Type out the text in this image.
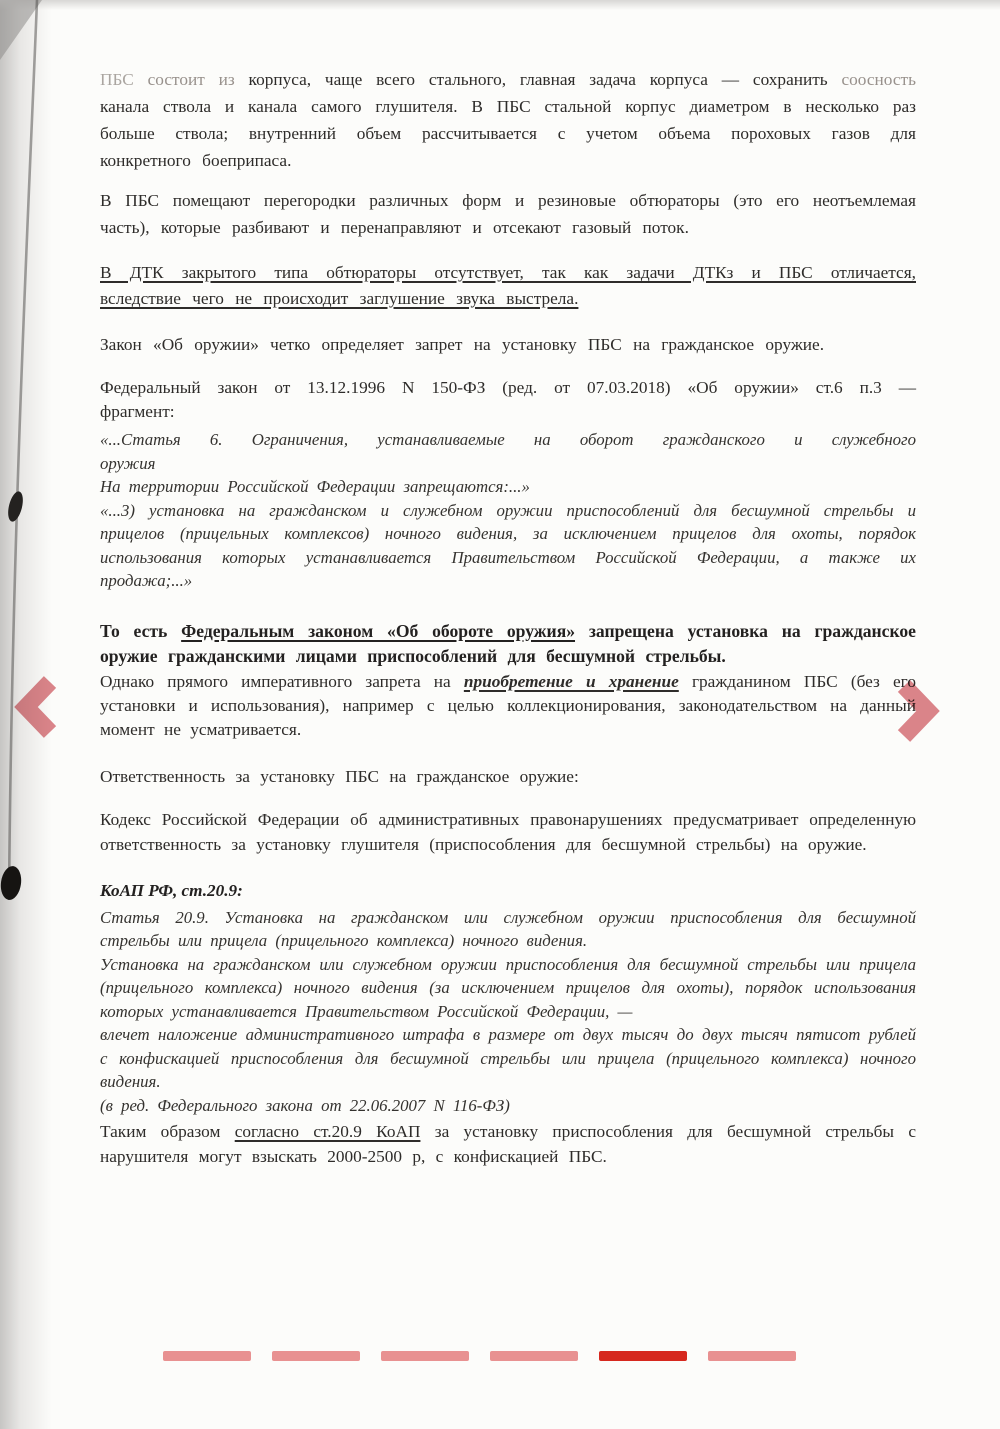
ПБС состоит из корпуса, чаще всего стального, главная задача корпуса — сохранить соосность канала ствола и канала самого глушителя. В ПБС стальной корпус диаметром в несколько раз больше ствола; внутренний объем рассчитывается с учетом объема пороховых газов для конкретного боеприпаса.

В ПБС помещают перегородки различных форм и резиновые обтюраторы (это его неотъемлемая часть), которые разбивают и перенаправляют и отсекают газовый поток.

В ДТК закрытого типа обтюраторы отсутствует, так как задачи ДТКз и ПБС отличается, вследствие чего не происходит заглушение звука выстрела.

Закон «Об оружии» четко определяет запрет на установку ПБС на гражданское оружие.

Федеральный закон от 13.12.1996 N 150-ФЗ (ред. от 07.03.2018) «Об оружии» ст.6 п.3 —
фрагмент:

«...Статья 6. Ограничения, устанавливаемые на оборот гражданского и служебного
оружия

На территории Российской Федерации запрещаются:...»

«...3) установка на гражданском и служебном оружии приспособлений для бесшумной стрельбы и прицелов (прицельных комплексов) ночного видения, за исключением прицелов для охоты, порядок использования которых устанавливается Правительством Российской Федерации, а также их продажа;...»

То есть Федеральным законом «Об обороте оружия» запрещена установка на гражданское оружие гражданскими лицами приспособлений для бесшумной стрельбы.

Однако прямого императивного запрета на приобретение и хранение гражданином ПБС (без его установки и использования), например с целью коллекционирования, законодательством на данный момент не усматривается.

Ответственность за установку ПБС на гражданское оружие:

Кодекс Российской Федерации об административных правонарушениях предусматривает определенную ответственность за установку глушителя (приспособления для бесшумной стрельбы) на оружие.

КоАП РФ, ст.20.9:

Статья 20.9. Установка на гражданском или служебном оружии приспособления для бесшумной стрельбы или прицела (прицельного комплекса) ночного видения.

Установка на гражданском или служебном оружии приспособления для бесшумной стрельбы или прицела (прицельного комплекса) ночного видения (за исключением прицелов для охоты), порядок использования которых устанавливается Правительством Российской Федерации, —

влечет наложение административного штрафа в размере от двух тысяч до двух тысяч пятисот рублей с конфискацией приспособления для бесшумной стрельбы или прицела (прицельного комплекса) ночного видения.

(в ред. Федерального закона от 22.06.2007 N 116-ФЗ)

Таким образом согласно ст.20.9 КоАП за установку приспособления для бесшумной стрельбы с нарушителя могут взыскать 2000-2500 р, с конфискацией ПБС.
